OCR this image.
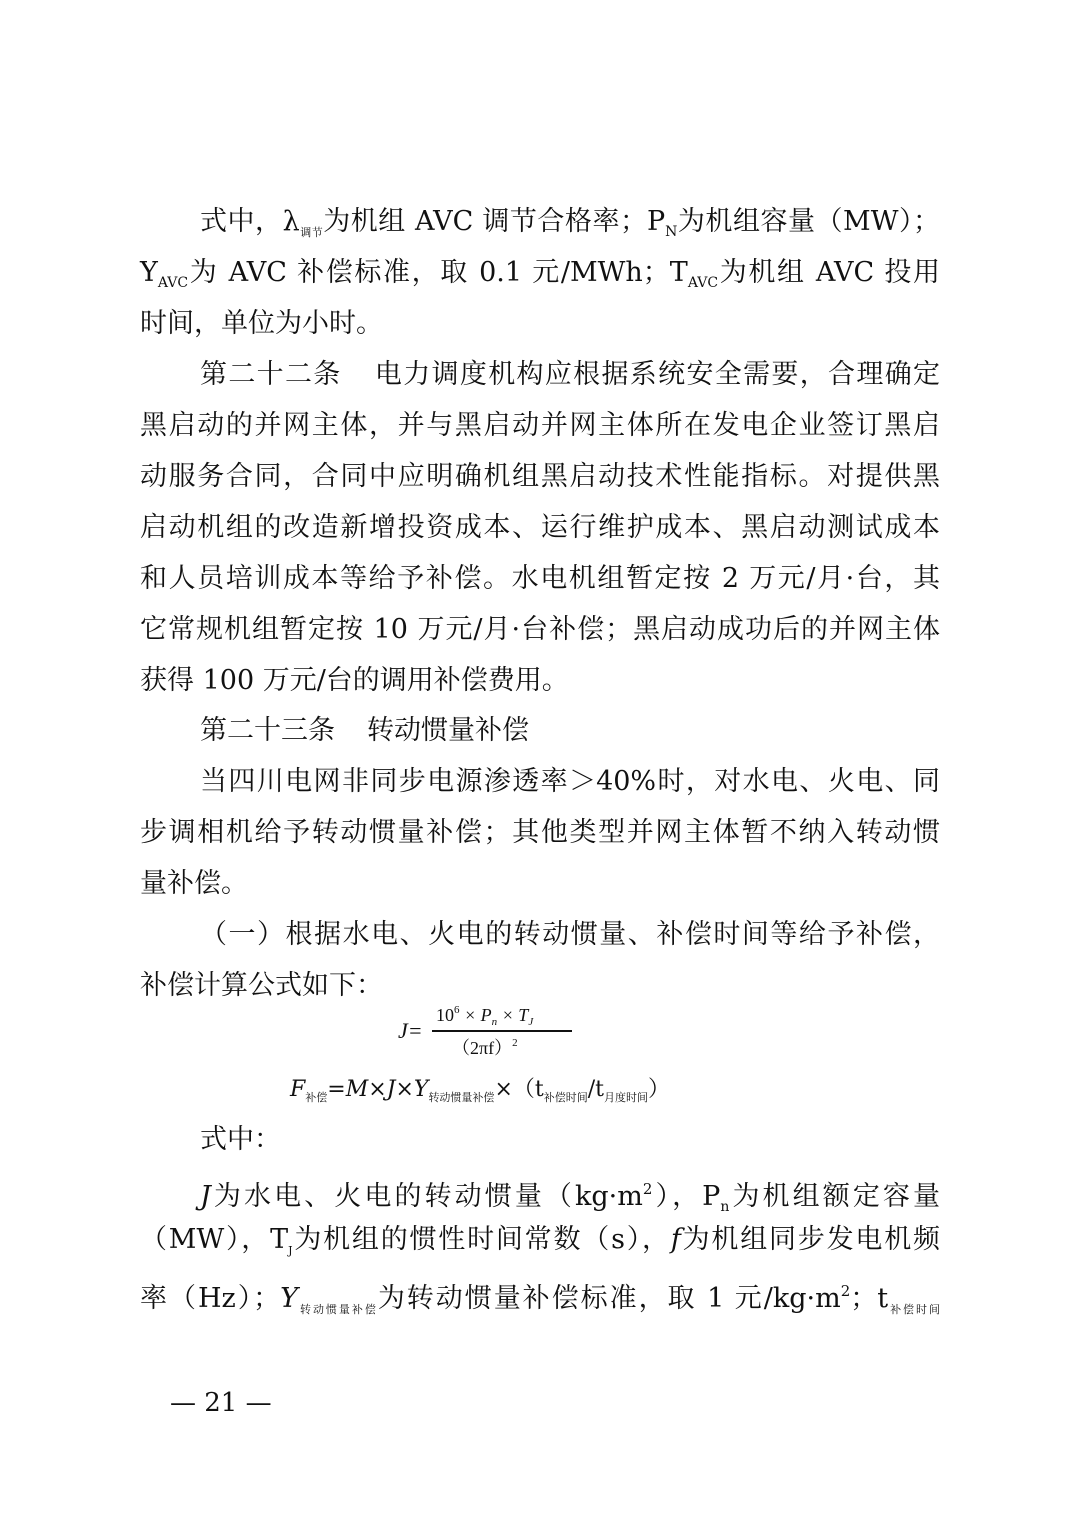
式中，$\lambda_{调节}$为机组 AVC 调节合格率；$P_N$为机组容量（MW）；
$Y_{AVC}$为 AVC 补偿标准，取 0.1 元/MWh；$T_{AVC}$为机组 AVC 投用
时间，单位为小时。
第二十二条 电力调度机构应根据系统安全需要，合理确定
黑启动的并网主体，并与黑启动并网主体所在发电企业签订黑启
动服务合同，合同中应明确机组黑启动技术性能指标。对提供黑
启动机组的改造新增投资成本、运行维护成本、黑启动测试成本
和人员培训成本等给予补偿。水电机组暂定按 2 万元/月·台，其
它常规机组暂定按 10 万元/月·台补偿；黑启动成功后的并网主体
获得 100 万元/台的调用补偿费用。
第二十三条 转动惯量补偿
当四川电网非同步电源渗透率＞40%时，对水电、火电、同
步调相机给予转动惯量补偿；其他类型并网主体暂不纳入转动惯
量补偿。
（一）根据水电、火电的转动惯量、补偿时间等给予补偿，
补偿计算公式如下：
J=
$10^6 \times P_n \times T_J$
$(2\pi f)^2$
$F_{补偿}=M\times J\times Y_{转动惯量补偿}\times(t_{补偿时间}/t_{月度时间})$
式中：
J为水电、火电的转动惯量$(kg\cdot m^2)$，$P_n$为机组额定容量
（MW），$T_J$为机组的惯性时间常数（s），f为机组同步发电机频
率（Hz）；$Y_{转动惯量补偿}$为转动惯量补偿标准，取 1 元$/kg\cdot m^2$；$t_{补偿时间}$
— 21 —
